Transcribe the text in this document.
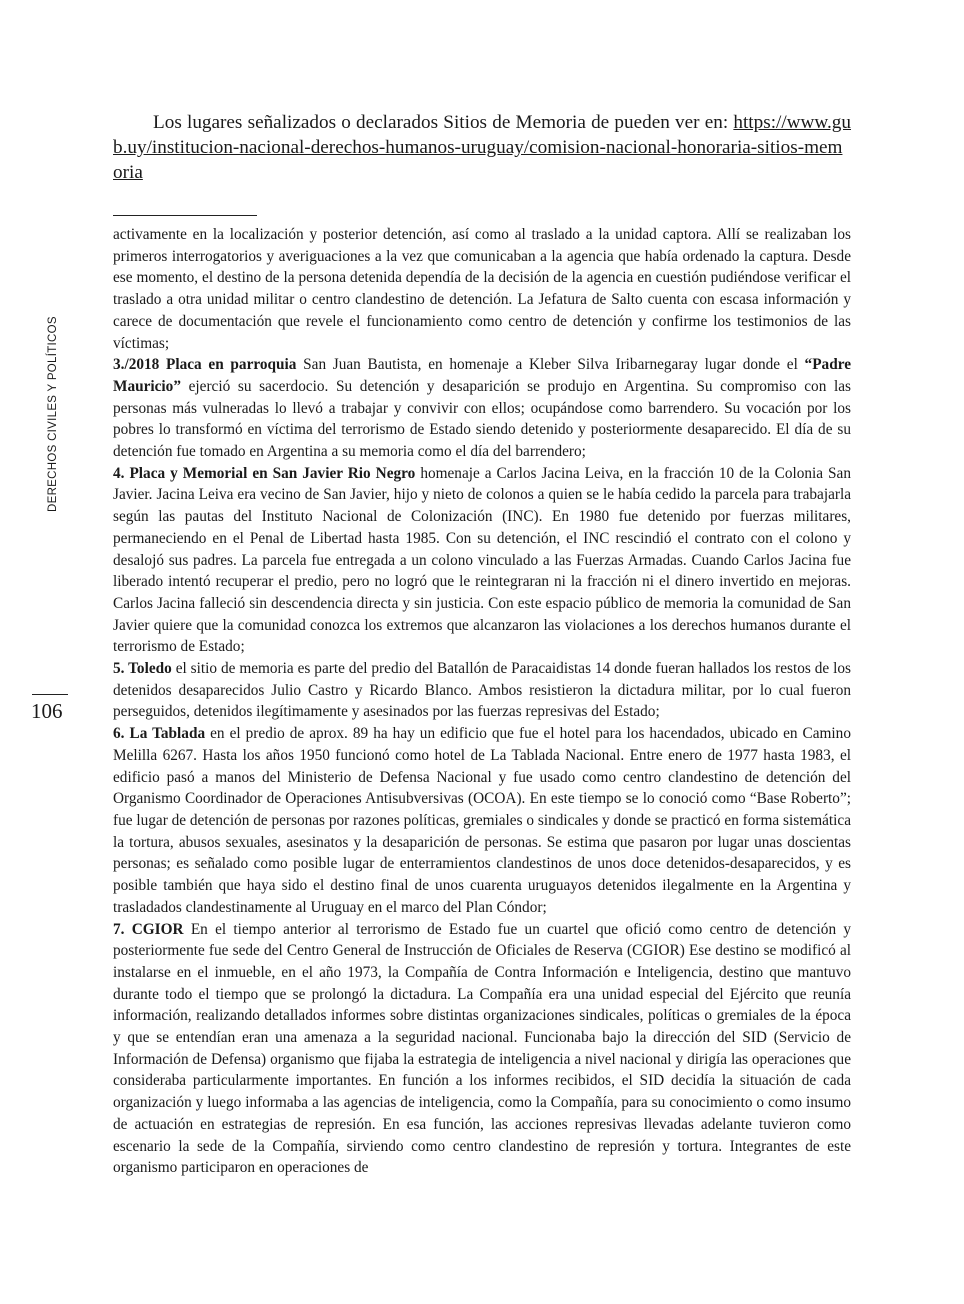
DERECHOS CIVILES Y POLÍTICOS
106

Los lugares señalizados o declarados Sitios de Memoria de pueden ver en: https://www.gub.uy/institucion-nacional-derechos-humanos-uruguay/comision-nacional-honoraria-sitios-memoria

activamente en la localización y posterior detención, así como al traslado a la unidad captora. Allí se realizaban los primeros interrogatorios y averiguaciones a la vez que comunicaban a la agencia que había ordenado la captura. Desde ese momento, el destino de la persona detenida dependía de la decisión de la agencia en cuestión pudiéndose verificar el traslado a otra unidad militar o centro clandestino de detención. La Jefatura de Salto cuenta con escasa información y carece de documentación que revele el funcionamiento como centro de detención y confirme los testimonios de las víctimas;

3./2018 Placa en parroquia San Juan Bautista, en homenaje a Kleber Silva Iribarnegaray lugar donde el “Padre Mauricio” ejerció su sacerdocio. Su detención y desaparición se produjo en Argentina. Su compromiso con las personas más vulneradas lo llevó a trabajar y convivir con ellos; ocupándose como barrendero. Su vocación por los pobres lo transformó en víctima del terrorismo de Estado siendo detenido y posteriormente desaparecido. El día de su detención fue tomado en Argentina a su memoria como el día del barrendero;

4. Placa y Memorial en San Javier Rio Negro homenaje a Carlos Jacina Leiva, en la fracción 10 de la Colonia San Javier. Jacina Leiva era vecino de San Javier, hijo y nieto de colonos a quien se le había cedido la parcela para trabajarla según las pautas del Instituto Nacional de Colonización (INC). En 1980 fue detenido por fuerzas militares, permaneciendo en el Penal de Libertad hasta 1985. Con su detención, el INC rescindió el contrato con el colono y desalojó sus padres. La parcela fue entregada a un colono vinculado a las Fuerzas Armadas. Cuando Carlos Jacina fue liberado intentó recuperar el predio, pero no logró que le reintegraran ni la fracción ni el dinero invertido en mejoras. Carlos Jacina falleció sin descendencia directa y sin justicia. Con este espacio público de memoria la comunidad de San Javier quiere que la comunidad conozca los extremos que alcanzaron las violaciones a los derechos humanos durante el terrorismo de Estado;

5. Toledo el sitio de memoria es parte del predio del Batallón de Paracaidistas 14 donde fueran hallados los restos de los detenidos desaparecidos Julio Castro y Ricardo Blanco. Ambos resistieron la dictadura militar, por lo cual fueron perseguidos, detenidos ilegítimamente y asesinados por las fuerzas represivas del Estado;

6. La Tablada en el predio de aprox. 89 ha hay un edificio que fue el hotel para los hacendados, ubicado en Camino Melilla 6267. Hasta los años 1950 funcionó como hotel de La Tablada Nacional. Entre enero de 1977 hasta 1983, el edificio pasó a manos del Ministerio de Defensa Nacional y fue usado como centro clandestino de detención del Organismo Coordinador de Operaciones Antisubversivas (OCOA). En este tiempo se lo conoció como “Base Roberto”; fue lugar de detención de personas por razones políticas, gremiales o sindicales y donde se practicó en forma sistemática la tortura, abusos sexuales, asesinatos y la desaparición de personas. Se estima que pasaron por lugar unas doscientas personas; es señalado como posible lugar de enterramientos clandestinos de unos doce detenidos-desaparecidos, y es posible también que haya sido el destino final de unos cuarenta uruguayos detenidos ilegalmente en la Argentina y trasladados clandestinamente al Uruguay en el marco del Plan Cóndor;

7. CGIOR En el tiempo anterior al terrorismo de Estado fue un cuartel que ofició como centro de detención y posteriormente fue sede del Centro General de Instrucción de Oficiales de Reserva (CGIOR) Ese destino se modificó al instalarse en el inmueble, en el año 1973, la Compañía de Contra Información e Inteligencia, destino que mantuvo durante todo el tiempo que se prolongó la dictadura. La Compañía era una unidad especial del Ejército que reunía información, realizando detallados informes sobre distintas organizaciones sindicales, políticas o gremiales de la época y que se entendían eran una amenaza a la seguridad nacional. Funcionaba bajo la dirección del SID (Servicio de Información de Defensa) organismo que fijaba la estrategia de inteligencia a nivel nacional y dirigía las operaciones que consideraba particularmente importantes. En función a los informes recibidos, el SID decidía la situación de cada organización y luego informaba a las agencias de inteligencia, como la Compañía, para su conocimiento o como insumo de actuación en estrategias de represión. En esa función, las acciones represivas llevadas adelante tuvieron como escenario la sede de la Compañía, sirviendo como centro clandestino de represión y tortura. Integrantes de este organismo participaron en operaciones de
